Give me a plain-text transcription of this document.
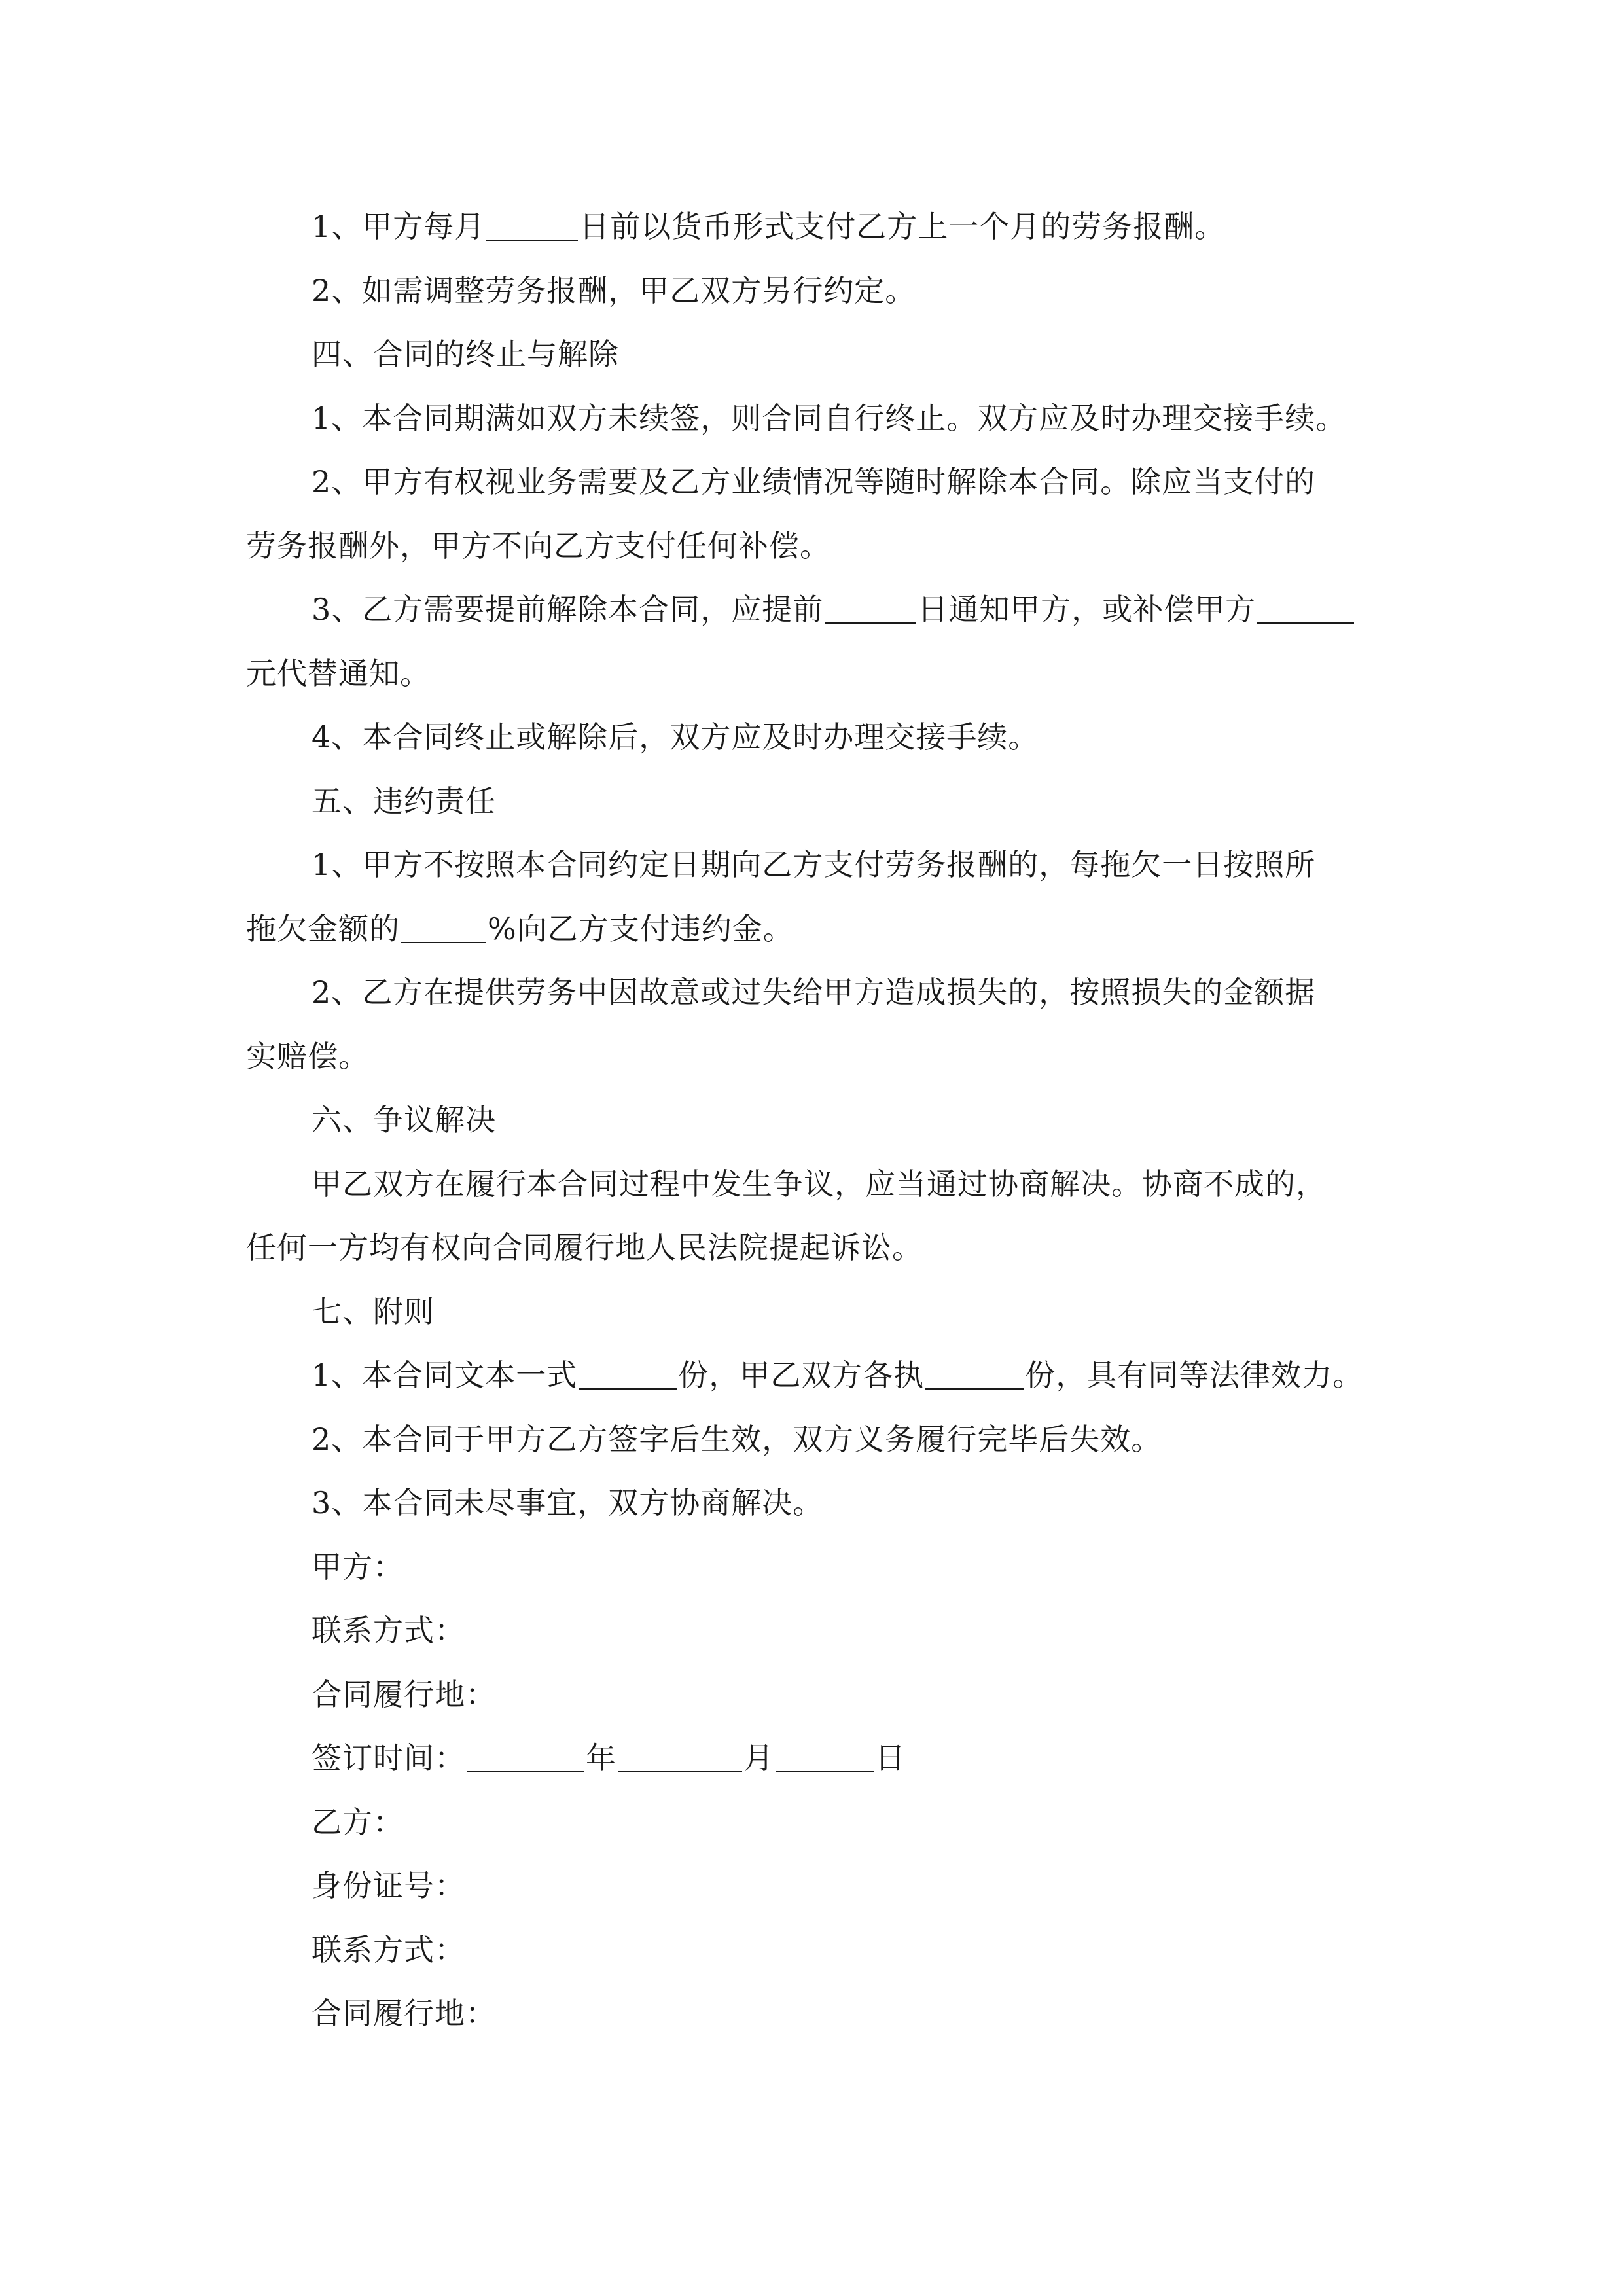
1、甲方每月	日前以货币形式支付乙方上一个月的劳务报酬。
2、如需调整劳务报酬，甲乙双方另行约定。
四、合同的终止与解除
1、本合同期满如双方未续签，则合同自行终止。双方应及时办理交接手续。
2、甲方有权视业务需要及乙方业绩情况等随时解除本合同。除应当支付的
劳务报酬外，甲方不向乙方支付任何补偿。
3、乙方需要提前解除本合同，应提前	日通知甲方，或补偿甲方
元代替通知。
4、本合同终止或解除后，双方应及时办理交接手续。
五、违约责任
1、甲方不按照本合同约定日期向乙方支付劳务报酬的，每拖欠一日按照所
拖欠金额的	%向乙方支付违约金。
2、乙方在提供劳务中因故意或过失给甲方造成损失的，按照损失的金额据
实赔偿。
六、争议解决
甲乙双方在履行本合同过程中发生争议，应当通过协商解决。协商不成的，
任何一方均有权向合同履行地人民法院提起诉讼。
七、附则
1、本合同文本一式	份，甲乙双方各执	份，具有同等法律效力。
2、本合同于甲方乙方签字后生效，双方义务履行完毕后失效。
3、本合同未尽事宜，双方协商解决。
甲方：
联系方式：
合同履行地：
签订时间：	年	月	日
乙方：
身份证号：
联系方式：
合同履行地：
